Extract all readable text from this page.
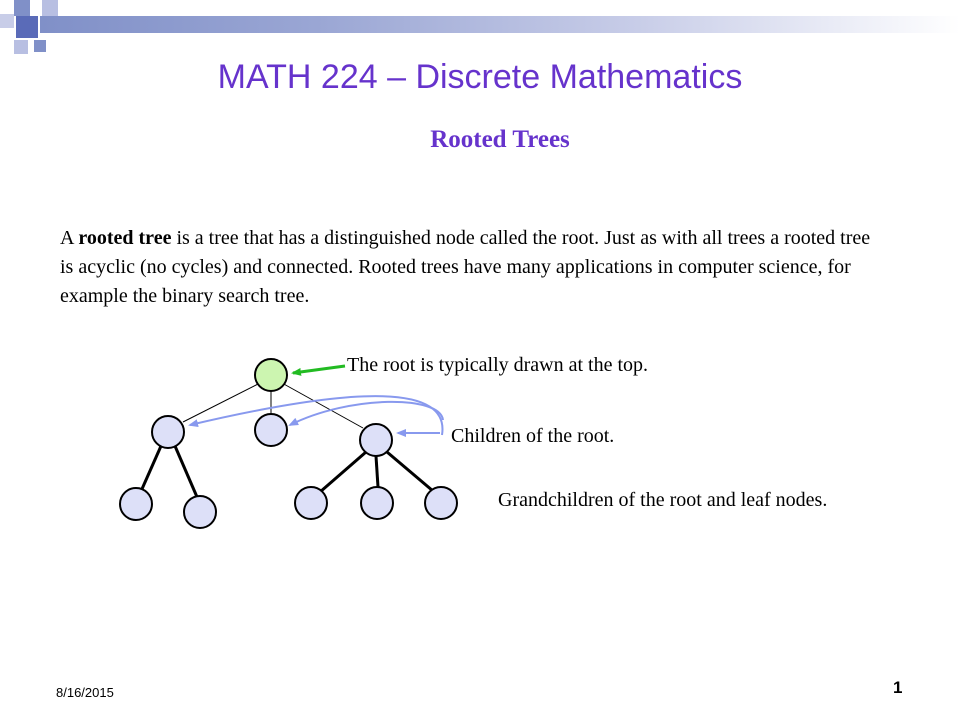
MATH 224 – Discrete Mathematics
Rooted Trees
A rooted tree is a tree that has a distinguished node called the root. Just as with all trees a rooted tree is acyclic (no cycles) and connected. Rooted trees have many applications in computer science, for example the binary search tree.
The root is typically drawn at the top.
Children of the root.
Grandchildren of the root and leaf nodes.
8/16/2015	1
